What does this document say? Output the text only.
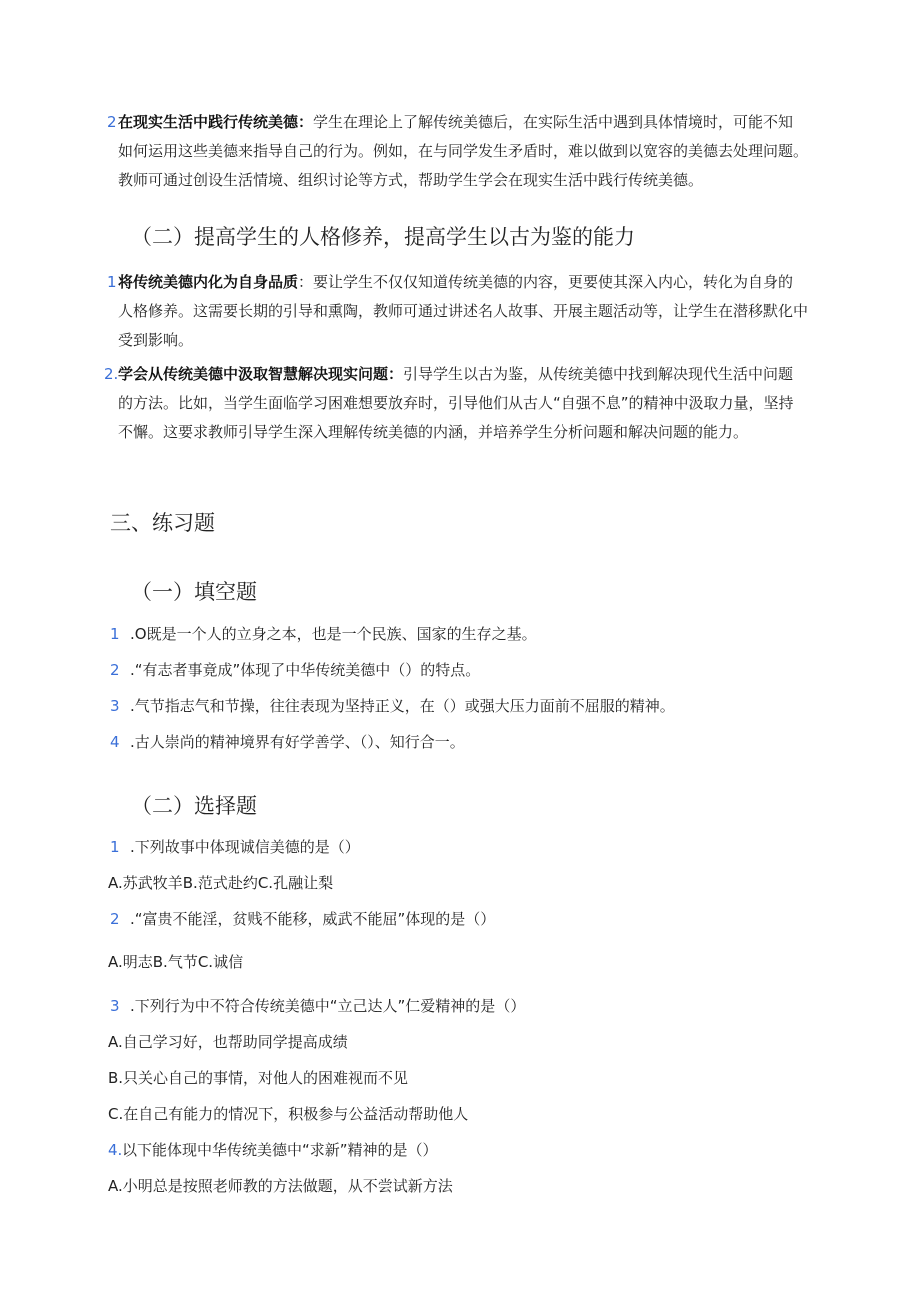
2 在现实生活中践行传统美德：学生在理论上了解传统美德后，在实际生活中遇到具体情境时，可能不知如何运用这些美德来指导自己的行为。例如，在与同学发生矛盾时，难以做到以宽容的美德去处理问题。教师可通过创设生活情境、组织讨论等方式，帮助学生学会在现实生活中践行传统美德。
（二）提高学生的人格修养，提高学生以古为鉴的能力
1 将传统美德内化为自身品质：要让学生不仅仅知道传统美德的内容，更要使其深入内心，转化为自身的人格修养。这需要长期的引导和熏陶，教师可通过讲述名人故事、开展主题活动等，让学生在潜移默化中受到影响。
2. 学会从传统美德中汲取智慧解决现实问题：引导学生以古为鉴，从传统美德中找到解决现代生活中问题的方法。比如，当学生面临学习困难想要放弃时，引导他们从古人“自强不息”的精神中汲取力量，坚持不懈。这要求教师引导学生深入理解传统美德的内涵，并培养学生分析问题和解决问题的能力。
三、练习题
（一）填空题
1 .O既是一个人的立身之本，也是一个民族、国家的生存之基。
2 .“有志者事竟成”体现了中华传统美德中（）的特点。
3 .气节指志气和节操，往往表现为坚持正义，在（）或强大压力面前不屈服的精神。
4 .古人崇尚的精神境界有好学善学、（）、知行合一。
（二）选择题
1 .下列故事中体现诚信美德的是（）
A.苏武牧羊B.范式赴约C.孔融让梨
2 .“富贵不能淫，贫贱不能移，威武不能屈”体现的是（）
A.明志B.气节C.诚信
3 .下列行为中不符合传统美德中“立己达人”仁爱精神的是（）
A.自己学习好，也帮助同学提高成绩
B.只关心自己的事情，对他人的困难视而不见
C.在自己有能力的情况下，积极参与公益活动帮助他人
4.以下能体现中华传统美德中“求新”精神的是（）
A.小明总是按照老师教的方法做题，从不尝试新方法
